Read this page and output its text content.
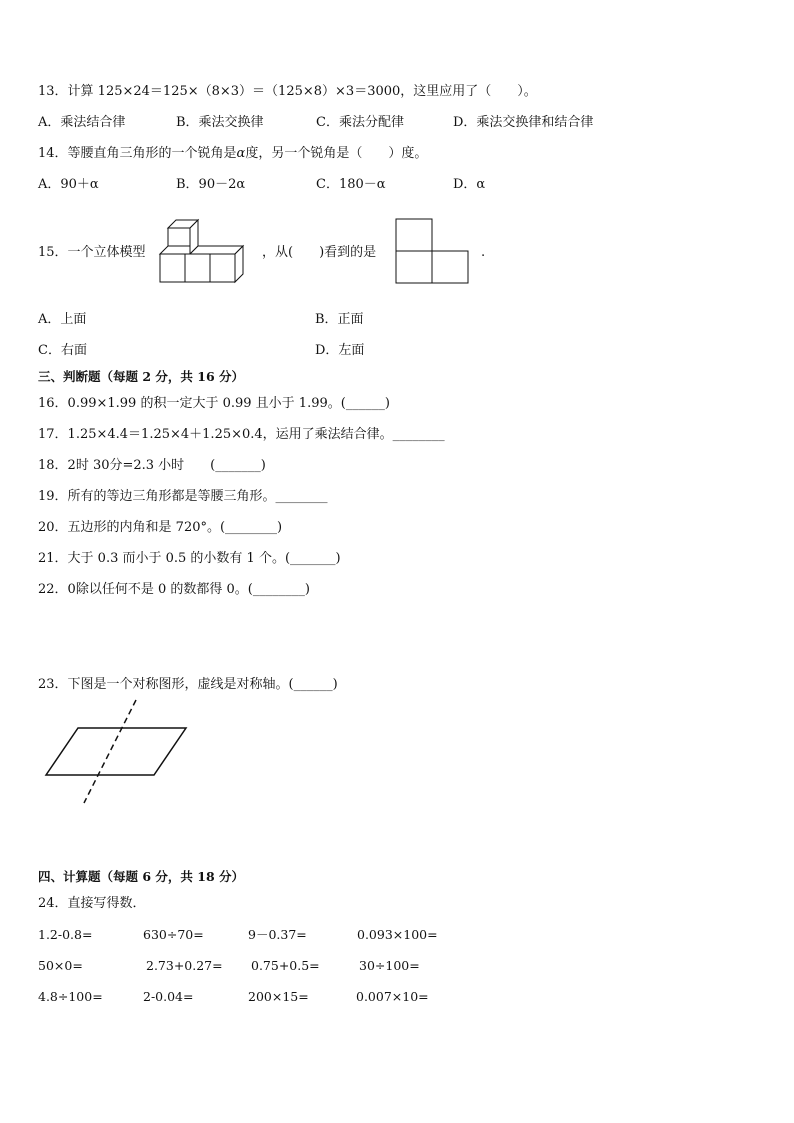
13．计算 125×24＝125×（8×3）＝（125×8）×3＝3000，这里应用了（　　）。
A．乘法结合律	B．乘法交换律	C．乘法分配律	D．乘法交换律和结合律
14．等腰直角三角形的一个锐角是α度，另一个锐角是（　　）度。
A．90＋α	B．90－2α	C．180－α	D．α
15．一个立体模型	，从(　　)看到的是	.
A．上面	B．正面
C．右面	D．左面
三、判断题（每题 2 分，共 16 分）
16．0.99×1.99 的积一定大于 0.99 且小于 1.99。(______)
17．1.25×4.4＝1.25×4＋1.25×0.4，运用了乘法结合律。________
18．2时 30分=2.3 小时　　(_______)
19．所有的等边三角形都是等腰三角形。________
20．五边形的内角和是 720°。(________)
21．大于 0.3 而小于 0.5 的小数有 1 个。(_______)
22．0除以任何不是 0 的数都得 0。(________)
23．下图是一个对称图形，虚线是对称轴。(______)
四、计算题（每题 6 分，共 18 分）
24．直接写得数．
1.2-0.8=	630÷70=	9－0.37=	0.093×100=
50×0=	2.73+0.27= 0.75+0.5=	30÷100=
4.8÷100=	2-0.04=	200×15=	0.007×10=
